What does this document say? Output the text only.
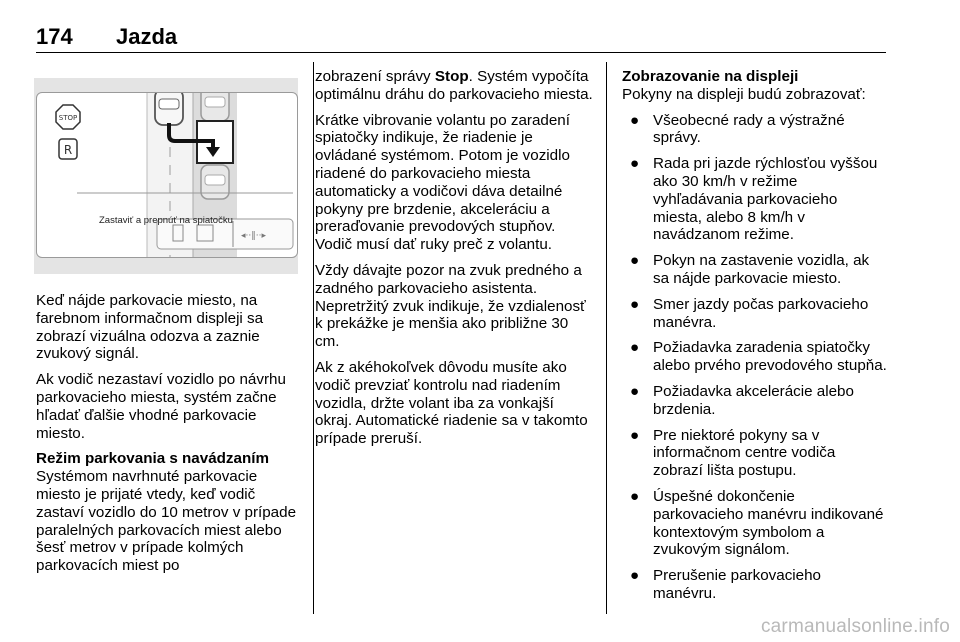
174 Jazda
◂··‖··▸
STOP
R
Zastaviť a prepnúť na spiatočku

Keď nájde parkovacie miesto, na farebnom informačnom displeji sa zobrazí vizuálna odozva a zaznie zvukový signál.

Ak vodič nezastaví vozidlo po návrhu parkovacieho miesta, systém začne hľadať ďalšie vhodné parkovacie miesto.

Režim parkovania s navádzaním

Systémom navrhnuté parkovacie miesto je prijaté vtedy, keď vodič zastaví vozidlo do 10 metrov v prípade paralelných parkovacích miest alebo šesť metrov v prípade kolmých parkovacích miest po

zobrazení správy Stop. Systém vypočíta optimálnu dráhu do parkovacieho miesta.

Krátke vibrovanie volantu po zaradení spiatočky indikuje, že riadenie je ovládané systémom. Potom je vozidlo riadené do parkovacieho miesta automaticky a vodičovi dáva detailné pokyny pre brzdenie, akceleráciu a preraďovanie prevodových stupňov. Vodič musí dať ruky preč z volantu.

Vždy dávajte pozor na zvuk predného a zadného parkovacieho asistenta. Nepretržitý zvuk indikuje, že vzdialenosť k prekážke je menšia ako približne 30 cm.

Ak z akéhokoľvek dôvodu musíte ako vodič prevziať kontrolu nad riadením vozidla, držte volant iba za vonkajší okraj. Automatické riadenie sa v takomto prípade preruší.

Zobrazovanie na displeji
Pokyny na displeji budú zobrazovať:
● Všeobecné rady a výstražné správy.
● Rada pri jazde rýchlosťou vyššou ako 30 km/h v režime vyhľadávania parkovacieho miesta, alebo 8 km/h v navádzanom režime.
● Pokyn na zastavenie vozidla, ak sa nájde parkovacie miesto.
● Smer jazdy počas parkovacieho manévra.
● Požiadavka zaradenia spiatočky alebo prvého prevodového stupňa.
● Požiadavka akcelerácie alebo brzdenia.
● Pre niektoré pokyny sa v informačnom centre vodiča zobrazí lišta postupu.
● Úspešné dokončenie parkovacieho manévru indikované kontextovým symbolom a zvukovým signálom.
● Prerušenie parkovacieho manévru.
carmanualsonline.info
